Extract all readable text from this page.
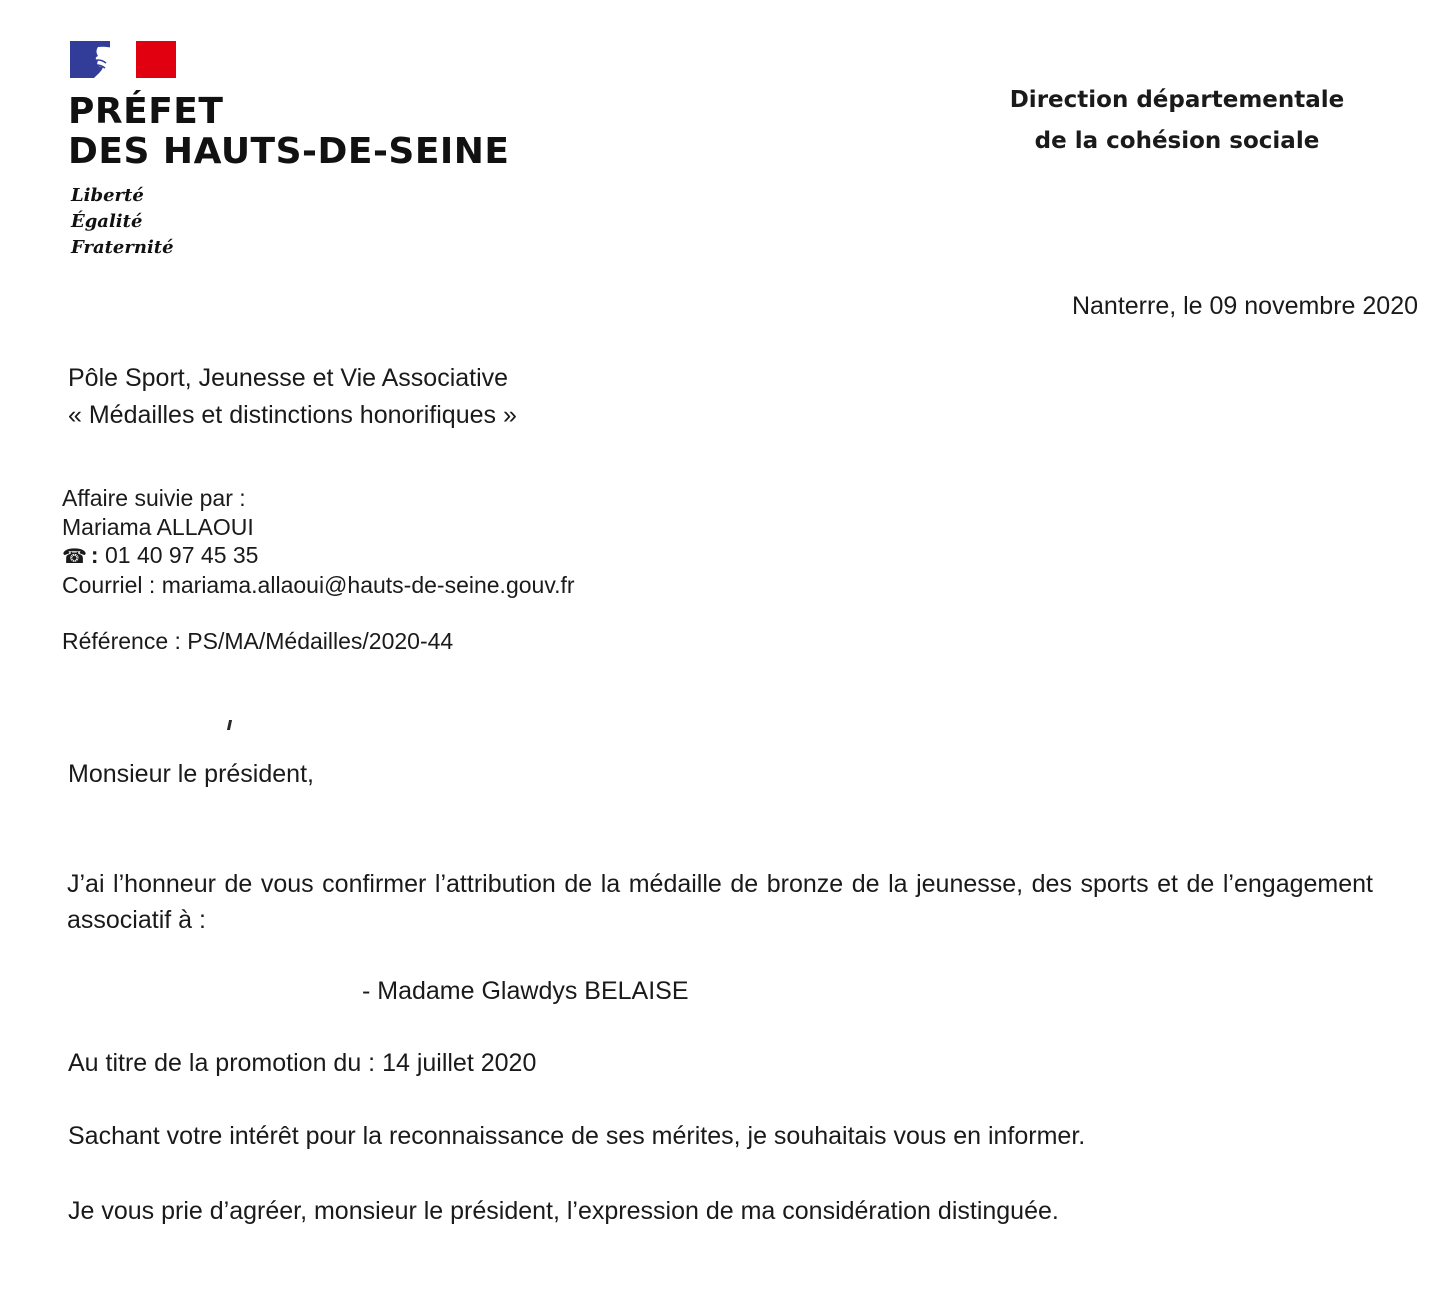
PRÉFET
DES HAUTS-DE-SEINE
Liberté
Égalité
Fraternité
Direction départementale
de la cohésion sociale
Nanterre, le 09 novembre 2020
Pôle Sport, Jeunesse et Vie Associative
« Médailles et distinctions honorifiques »
Affaire suivie par :
Mariama ALLAOUI
☎ : 01 40 97 45 35
Courriel : mariama.allaoui@hauts-de-seine.gouv.fr
Référence : PS/MA/Médailles/2020-44
Monsieur le président,
J’ai l’honneur de vous confirmer l’attribution de la médaille de bronze de la jeunesse, des sports et de l’engagement associatif à :
- Madame Glawdys BELAISE
Au titre de la promotion du : 14 juillet 2020
Sachant votre intérêt pour la reconnaissance de ses mérites, je souhaitais vous en informer.
Je vous prie d’agréer, monsieur le président, l’expression de ma considération distinguée.
